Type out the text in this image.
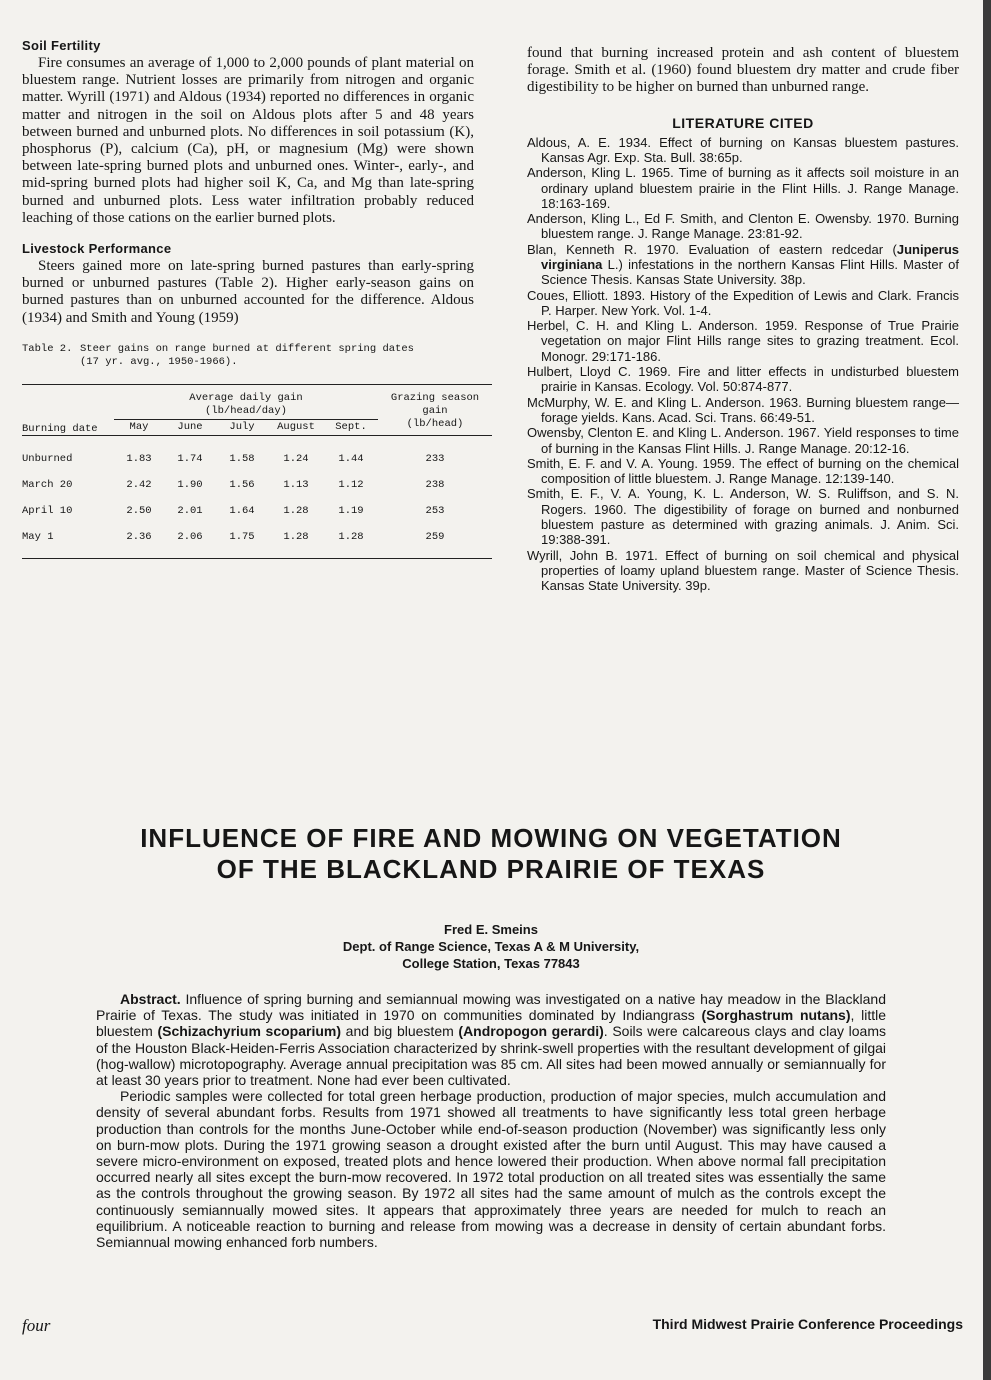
Soil Fertility

Fire consumes an average of 1,000 to 2,000 pounds of plant material on bluestem range. Nutrient losses are primarily from nitrogen and organic matter. Wyrill (1971) and Aldous (1934) reported no differences in organic matter and nitrogen in the soil on Aldous plots after 5 and 48 years between burned and unburned plots. No differences in soil potassium (K), phosphorus (P), calcium (Ca), pH, or magnesium (Mg) were shown between late-spring burned plots and unburned ones. Winter-, early-, and mid-spring burned plots had higher soil K, Ca, and Mg than late-spring burned and unburned plots. Less water infiltration probably reduced leaching of those cations on the earlier burned plots.

Livestock Performance

Steers gained more on late-spring burned pastures than early-spring burned or unburned pastures (Table 2). Higher early-season gains on burned pastures than on unburned accounted for the difference. Aldous (1934) and Smith and Young (1959)

Table 2. Steer gains on range burned at different spring dates
(17 yr. avg., 1950-1966).

	Average daily gain
(lb/head/day)					Grazing season
gain
(lb/head)
Burning date	May	June	July	August	Sept.	

Unburned	1.83	1.74	1.58	1.24	1.44	233
March 20	2.42	1.90	1.56	1.13	1.12	238
April 10	2.50	2.01	1.64	1.28	1.19	253
May 1	2.36	2.06	1.75	1.28	1.28	259

found that burning increased protein and ash content of bluestem forage. Smith et al. (1960) found bluestem dry matter and crude fiber digestibility to be higher on burned than unburned range.

LITERATURE CITED
Aldous, A. E. 1934. Effect of burning on Kansas bluestem pastures. Kansas Agr. Exp. Sta. Bull. 38:65p.
Anderson, Kling L. 1965. Time of burning as it affects soil moisture in an ordinary upland bluestem prairie in the Flint Hills. J. Range Manage. 18:163-169.
Anderson, Kling L., Ed F. Smith, and Clenton E. Owensby. 1970. Burning bluestem range. J. Range Manage. 23:81-92.
Blan, Kenneth R. 1970. Evaluation of eastern redcedar (Juniperus virginiana L.) infestations in the northern Kansas Flint Hills. Master of Science Thesis. Kansas State University. 38p.
Coues, Elliott. 1893. History of the Expedition of Lewis and Clark. Francis P. Harper. New York. Vol. 1-4.
Herbel, C. H. and Kling L. Anderson. 1959. Response of True Prairie vegetation on major Flint Hills range sites to grazing treatment. Ecol. Monogr. 29:171-186.
Hulbert, Lloyd C. 1969. Fire and litter effects in undisturbed bluestem prairie in Kansas. Ecology. Vol. 50:874-877.
McMurphy, W. E. and Kling L. Anderson. 1963. Burning bluestem range—forage yields. Kans. Acad. Sci. Trans. 66:49-51.
Owensby, Clenton E. and Kling L. Anderson. 1967. Yield responses to time of burning in the Kansas Flint Hills. J. Range Manage. 20:12-16.
Smith, E. F. and V. A. Young. 1959. The effect of burning on the chemical composition of little bluestem. J. Range Manage. 12:139-140.
Smith, E. F., V. A. Young, K. L. Anderson, W. S. Ruliffson, and S. N. Rogers. 1960. The digestibility of forage on burned and nonburned bluestem pasture as determined with grazing animals. J. Anim. Sci. 19:388-391.
Wyrill, John B. 1971. Effect of burning on soil chemical and physical properties of loamy upland bluestem range. Master of Science Thesis. Kansas State University. 39p.
INFLUENCE OF FIRE AND MOWING ON VEGETATION
OF THE BLACKLAND PRAIRIE OF TEXAS
Fred E. Smeins
Dept. of Range Science, Texas A & M University,
College Station, Texas 77843

Abstract. Influence of spring burning and semiannual mowing was investigated on a native hay meadow in the Blackland Prairie of Texas. The study was initiated in 1970 on communities dominated by Indiangrass (Sorghastrum nutans), little bluestem (Schizachyrium scoparium) and big bluestem (Andropogon gerardi). Soils were calcareous clays and clay loams of the Houston Black-Heiden-Ferris Association characterized by shrink-swell properties with the resultant development of gilgai (hog-wallow) microtopography. Average annual precipitation was 85 cm. All sites had been mowed annually or semiannually for at least 30 years prior to treatment. None had ever been cultivated.

Periodic samples were collected for total green herbage production, production of major species, mulch accumulation and density of several abundant forbs. Results from 1971 showed all treatments to have significantly less total green herbage production than controls for the months June-October while end-of-season production (November) was significantly less only on burn-mow plots. During the 1971 growing season a drought existed after the burn until August. This may have caused a severe micro-environment on exposed, treated plots and hence lowered their production. When above normal fall precipitation occurred nearly all sites except the burn-mow recovered. In 1972 total production on all treated sites was essentially the same as the controls throughout the growing season. By 1972 all sites had the same amount of mulch as the controls except the continuously semiannually mowed sites. It appears that approximately three years are needed for mulch to reach an equilibrium. A noticeable reaction to burning and release from mowing was a decrease in density of certain abundant forbs. Semiannual mowing enhanced forb numbers.

four	Third Midwest Prairie Conference Proceedings
